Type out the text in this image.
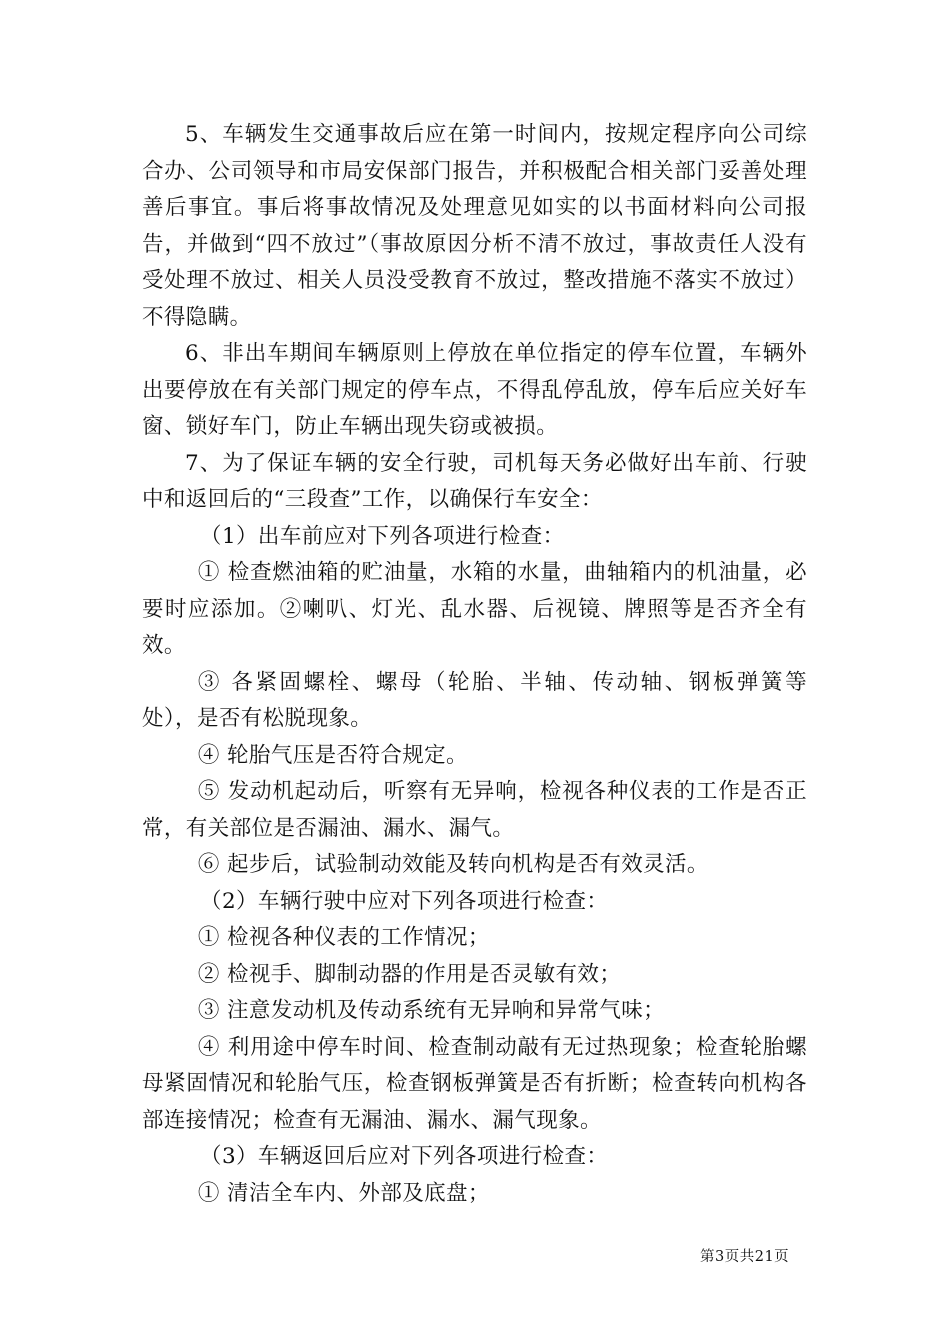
5、车辆发生交通事故后应在第一时间内，按规定程序向公司综合办、公司领导和市局安保部门报告，并积极配合相关部门妥善处理善后事宜。事后将事故情况及处理意见如实的以书面材料向公司报告，并做到“四不放过”（事故原因分析不清不放过，事故责任人没有受处理不放过、相关人员没受教育不放过，整改措施不落实不放过）不得隐瞒。

6、非出车期间车辆原则上停放在单位指定的停车位置，车辆外出要停放在有关部门规定的停车点，不得乱停乱放，停车后应关好车窗、锁好车门，防止车辆出现失窃或被损。

7、为了保证车辆的安全行驶，司机每天务必做好出车前、行驶中和返回后的“三段查”工作，以确保行车安全：

（1）出车前应对下列各项进行检查：

① 检查燃油箱的贮油量，水箱的水量，曲轴箱内的机油量，必要时应添加。②喇叭、灯光、乱水器、后视镜、牌照等是否齐全有效。

③ 各紧固螺栓、螺母（轮胎、半轴、传动轴、钢板弹簧等处），是否有松脱现象。

④ 轮胎气压是否符合规定。

⑤ 发动机起动后，听察有无异响，检视各种仪表的工作是否正常，有关部位是否漏油、漏水、漏气。

⑥ 起步后，试验制动效能及转向机构是否有效灵活。

（2）车辆行驶中应对下列各项进行检查：

① 检视各种仪表的工作情况；

② 检视手、脚制动器的作用是否灵敏有效；

③ 注意发动机及传动系统有无异响和异常气味；

④ 利用途中停车时间、检查制动敲有无过热现象；检查轮胎螺母紧固情况和轮胎气压，检查钢板弹簧是否有折断；检查转向机构各部连接情况；检查有无漏油、漏水、漏气现象。

（3）车辆返回后应对下列各项进行检查：

① 清洁全车内、外部及底盘；

第3页共21页
